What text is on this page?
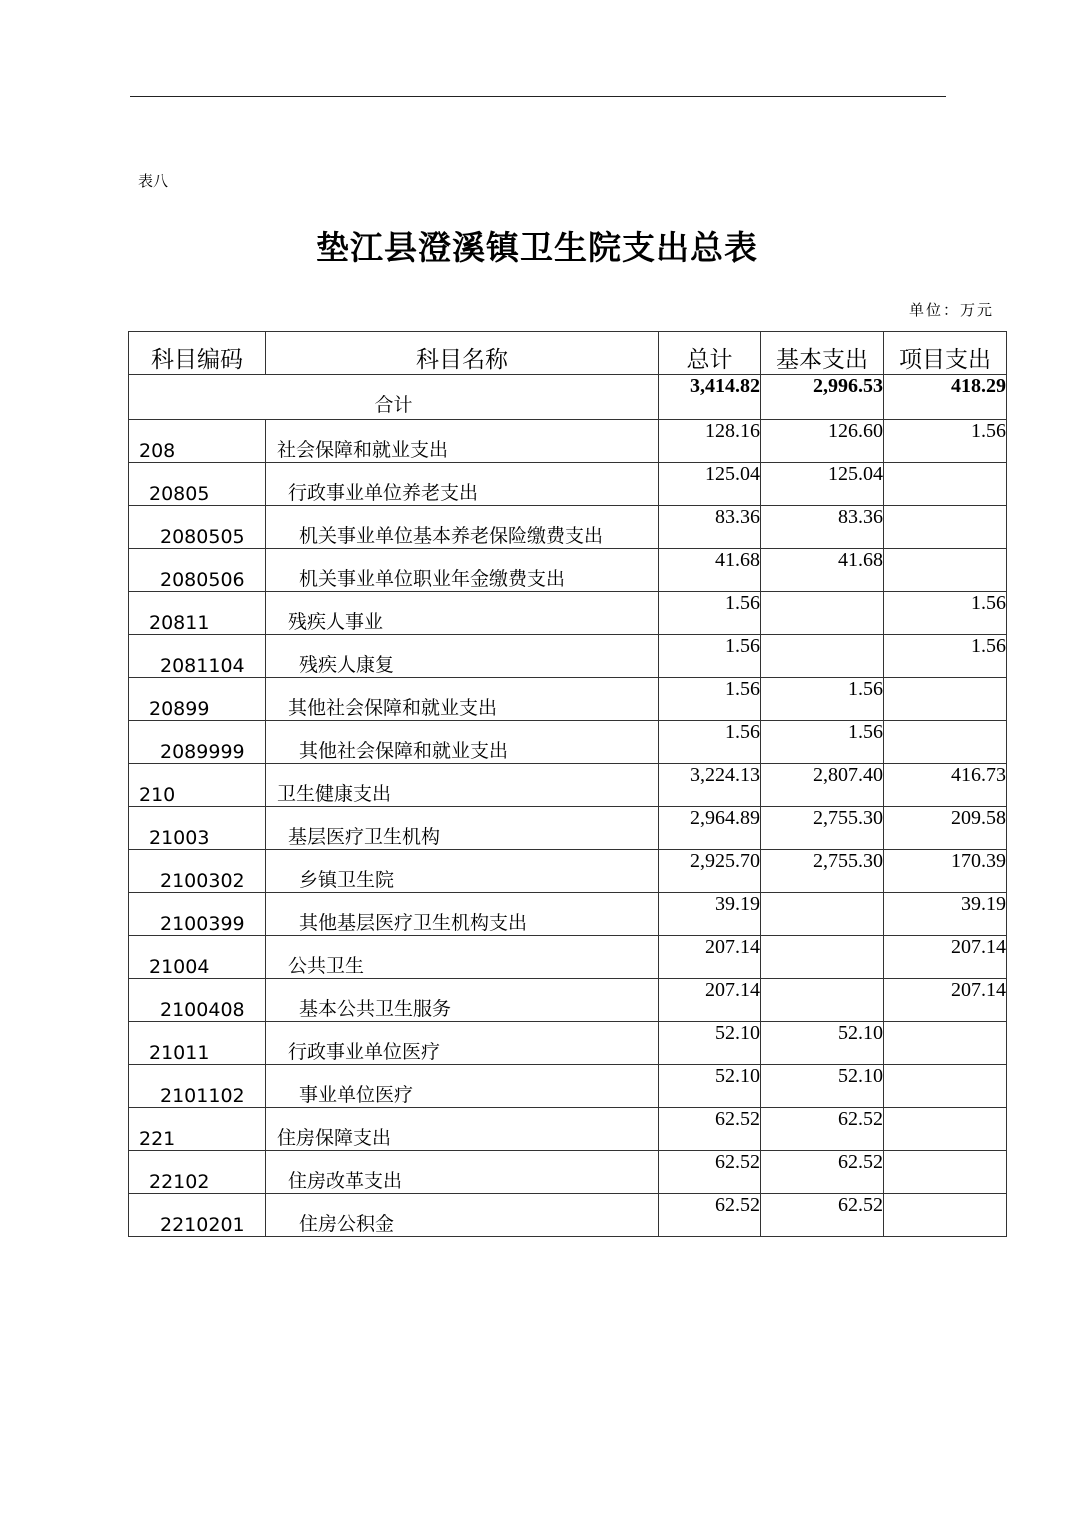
表八
垫江县澄溪镇卫生院支出总表
单位：万元
科目编码	科目名称	总计	基本支出	项目支出
合计		3,414.82	2,996.53	418.29
208	社会保障和就业支出	128.16	126.60	1.56
20805	行政事业单位养老支出	125.04	125.04	
2080505	机关事业单位基本养老保险缴费支出	83.36	83.36	
2080506	机关事业单位职业年金缴费支出	41.68	41.68	
20811	残疾人事业	1.56		1.56
2081104	残疾人康复	1.56		1.56
20899	其他社会保障和就业支出	1.56	1.56	
2089999	其他社会保障和就业支出	1.56	1.56	
210	卫生健康支出	3,224.13	2,807.40	416.73
21003	基层医疗卫生机构	2,964.89	2,755.30	209.58
2100302	乡镇卫生院	2,925.70	2,755.30	170.39
2100399	其他基层医疗卫生机构支出	39.19		39.19
21004	公共卫生	207.14		207.14
2100408	基本公共卫生服务	207.14		207.14
21011	行政事业单位医疗	52.10	52.10	
2101102	事业单位医疗	52.10	52.10	
221	住房保障支出	62.52	62.52	
22102	住房改革支出	62.52	62.52	
2210201	住房公积金	62.52	62.52	
